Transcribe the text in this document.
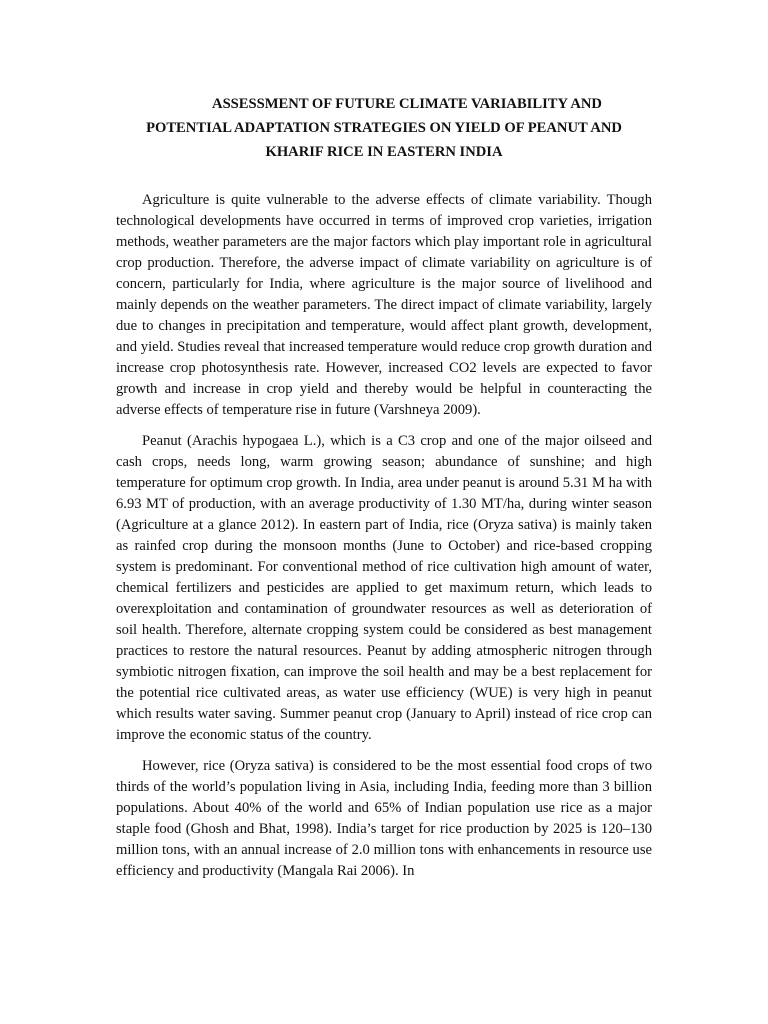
ASSESSMENT OF FUTURE CLIMATE VARIABILITY AND
POTENTIAL ADAPTATION STRATEGIES ON YIELD OF PEANUT AND
KHARIF RICE IN EASTERN INDIA

Agriculture is quite vulnerable to the adverse effects of climate variability. Though technological developments have occurred in terms of improved crop varieties, irrigation methods, weather parameters are the major factors which play important role in agricultural crop production. Therefore, the adverse impact of climate variability on agriculture is of concern, particularly for India, where agriculture is the major source of livelihood and mainly depends on the weather parameters. The direct impact of climate variability, largely due to changes in precipitation and temperature, would affect plant growth, development, and yield. Studies reveal that increased temperature would reduce crop growth duration and increase crop photosynthesis rate. However, increased CO2 levels are expected to favor growth and increase in crop yield and thereby would be helpful in counteracting the adverse effects of temperature rise in future (Varshneya 2009).

Peanut (Arachis hypogaea L.), which is a C3 crop and one of the major oilseed and cash crops, needs long, warm growing season; abundance of sunshine; and high temperature for optimum crop growth. In India, area under peanut is around 5.31 M ha with 6.93 MT of production, with an average productivity of 1.30 MT/ha, during winter season (Agriculture at a glance 2012). In eastern part of India, rice (Oryza sativa) is mainly taken as rainfed crop during the monsoon months (June to October) and rice-based cropping system is predominant. For conventional method of rice cultivation high amount of water, chemical fertilizers and pesticides are applied to get maximum return, which leads to overexploitation and contamination of groundwater resources as well as deterioration of soil health. Therefore, alternate cropping system could be considered as best management practices to restore the natural resources. Peanut by adding atmospheric nitrogen through symbiotic nitrogen fixation, can improve the soil health and may be a best replacement for the potential rice cultivated areas, as water use efficiency (WUE) is very high in peanut which results water saving. Summer peanut crop (January to April) instead of rice crop can improve the economic status of the country.

However, rice (Oryza sativa) is considered to be the most essential food crops of two thirds of the world’s population living in Asia, including India, feeding more than 3 billion populations. About 40% of the world and 65% of Indian population use rice as a major staple food (Ghosh and Bhat, 1998). India’s target for rice production by 2025 is 120–130 million tons, with an annual increase of 2.0 million tons with enhancements in resource use efficiency and productivity (Mangala Rai 2006). In
